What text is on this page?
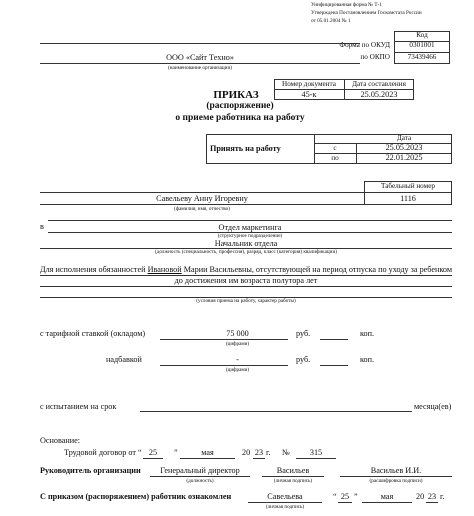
Унифицированная форма № Т-1
Утверждена Постановлением Госкомстата России
от 05.01.2004 № 1
Код
Форма по ОКУД	0301001
по ОКПО	73439466
ООО «Сайт Техно»
(наименование организации)
Номер документа	Дата составления
45-к	25.05.2023
ПРИКАЗ
(распоряжение)
о приеме работника на работу
Дата
Принять на работу	с	25.05.2023
по	22.01.2025
Табельный номер
1116
Савельеву Анну Игоревну
(фамилия, имя, отчество)
в	Отдел маркетинга
(структурное подразделение)
Начальник отдела
(должность (специальность, профессия), разряд, класс (категория) квалификации)
Для исполнения обязанностей Ивановой Марии Васильевны, отсутствующей на период отпуска по уходу за ребенком
до достижения им возраста полутора лет
(условия приема на работу, характер работы)
с тарифной ставкой (окладом)	75 000	руб.	коп.
(цифрами)
надбавкой	-	руб.	коп.
(цифрами)
с испытанием на срок	месяца(ев)
Основание:
Трудовой договор от “ 25	”	мая	20 23 г. №	315
Руководитель организации	Генеральный директор
(должность)
Васильев
(личная подпись)
Васильев И.И.
(расшифровка подписи)
С приказом (распоряжением) работник ознакомлен	Савельева
(личная подпись)
“ 25 ”	мая	20 23 г.
